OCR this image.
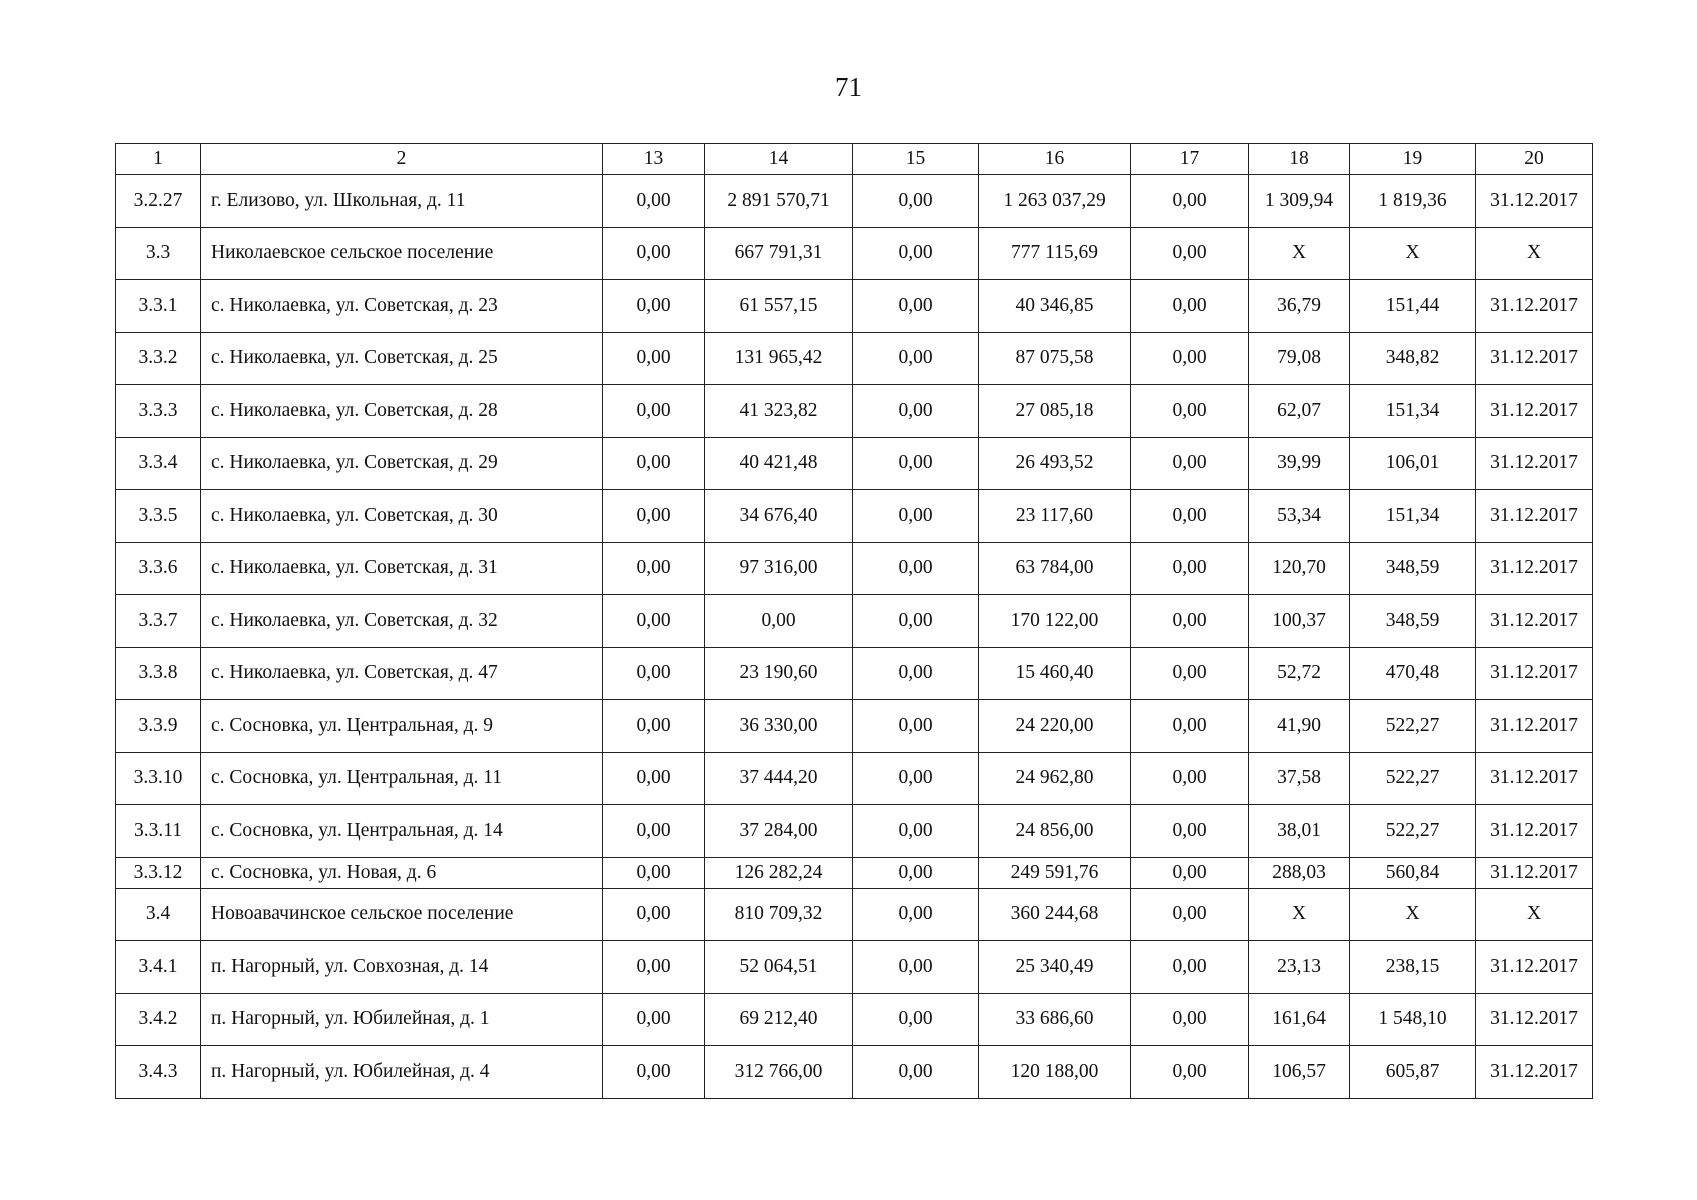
71
1	2	13	14	15	16	17	18	19	20
3.2.27	г. Елизово, ул. Школьная, д. 11	0,00	2 891 570,71	0,00	1 263 037,29	0,00	1 309,94	1 819,36	31.12.2017
3.3	Николаевское сельское поселение	0,00	667 791,31	0,00	777 115,69	0,00	X	X	X
3.3.1	с. Николаевка, ул. Советская, д. 23	0,00	61 557,15	0,00	40 346,85	0,00	36,79	151,44	31.12.2017
3.3.2	с. Николаевка, ул. Советская, д. 25	0,00	131 965,42	0,00	87 075,58	0,00	79,08	348,82	31.12.2017
3.3.3	с. Николаевка, ул. Советская, д. 28	0,00	41 323,82	0,00	27 085,18	0,00	62,07	151,34	31.12.2017
3.3.4	с. Николаевка, ул. Советская, д. 29	0,00	40 421,48	0,00	26 493,52	0,00	39,99	106,01	31.12.2017
3.3.5	с. Николаевка, ул. Советская, д. 30	0,00	34 676,40	0,00	23 117,60	0,00	53,34	151,34	31.12.2017
3.3.6	с. Николаевка, ул. Советская, д. 31	0,00	97 316,00	0,00	63 784,00	0,00	120,70	348,59	31.12.2017
3.3.7	с. Николаевка, ул. Советская, д. 32	0,00	0,00	0,00	170 122,00	0,00	100,37	348,59	31.12.2017
3.3.8	с. Николаевка, ул. Советская, д. 47	0,00	23 190,60	0,00	15 460,40	0,00	52,72	470,48	31.12.2017
3.3.9	с. Сосновка, ул. Центральная, д. 9	0,00	36 330,00	0,00	24 220,00	0,00	41,90	522,27	31.12.2017
3.3.10	с. Сосновка, ул. Центральная, д. 11	0,00	37 444,20	0,00	24 962,80	0,00	37,58	522,27	31.12.2017
3.3.11	с. Сосновка, ул. Центральная, д. 14	0,00	37 284,00	0,00	24 856,00	0,00	38,01	522,27	31.12.2017
3.3.12	с. Сосновка, ул. Новая, д. 6	0,00	126 282,24	0,00	249 591,76	0,00	288,03	560,84	31.12.2017
3.4	Новоавачинское сельское поселение	0,00	810 709,32	0,00	360 244,68	0,00	X	X	X
3.4.1	п. Нагорный, ул. Совхозная, д. 14	0,00	52 064,51	0,00	25 340,49	0,00	23,13	238,15	31.12.2017
3.4.2	п. Нагорный, ул. Юбилейная, д. 1	0,00	69 212,40	0,00	33 686,60	0,00	161,64	1 548,10	31.12.2017
3.4.3	п. Нагорный, ул. Юбилейная, д. 4	0,00	312 766,00	0,00	120 188,00	0,00	106,57	605,87	31.12.2017
